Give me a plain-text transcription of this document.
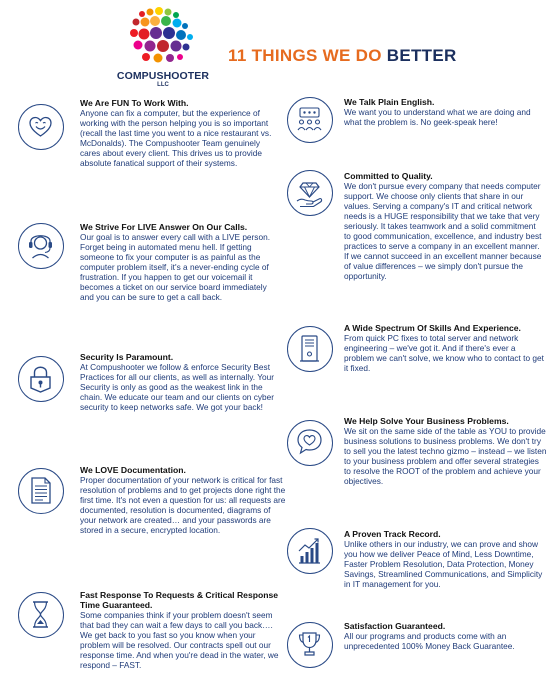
COMPUSHOOTER
LLC
11 THINGS WE DO BETTER
We Are FUN To Work With.
Anyone can fix a computer, but the experience of working with the person helping you is so important (recall the last time you went to a nice restaurant vs. McDonalds). The Compushooter Team genuinely cares about every client. This drives us to provide absolute fanatical support of their systems.
We Strive For LIVE Answer On Our Calls.
Our goal is to answer every call with a LIVE person. Forget being in automated menu hell. If getting someone to fix your computer is as painful as the computer problem itself, it's a never-ending cycle of frustration. If you happen to get our voicemail it becomes a ticket on our service board immediately and you can be sure to get a call back.
Security Is Paramount.
At Compushooter we follow & enforce Security Best Practices for all our clients, as well as internally. Your Security is only as good as the weakest link in the chain. We educate our team and our clients on cyber security to keep networks safe. We got your back!
We LOVE Documentation.
Proper documentation of your network is critical for fast resolution of problems and to get projects done right the first time. It's not even a question for us: all requests are documented, resolution is documented, diagrams of your network are created… and your passwords are stored in a secure, encrypted location.
Fast Response To Requests & Critical Response Time Guaranteed.
Some companies think if your problem doesn't seem that bad they can wait a few days to call you back…. We get back to you fast so you know when your problem will be resolved. Our contracts spell out our response time. And when you're dead in the water, we respond – FAST.
We Talk Plain English.
We want you to understand what we are doing and what the problem is. No geek-speak here!
Committed to Quality.
We don't pursue every company that needs computer support. We choose only clients that share in our values. Serving a company's IT and critical network needs is a HUGE responsibility that we take that very seriously. It takes teamwork and a solid commitment to good communication, excellence, and industry best practices to serve a company in an excellent manner. If we cannot succeed in an excellent manner because of value differences – we simply don't pursue the opportunity.
A Wide Spectrum Of Skills And Experience.
From quick PC fixes to total server and network engineering – we've got it. And if there's ever a problem we can't solve, we know who to contact to get it fixed.
We Help Solve Your Business Problems.
We sit on the same side of the table as YOU to provide business solutions to business problems. We don't try to sell you the latest techno gizmo – instead – we listen to your business problem and offer several strategies to resolve the ROOT of the problem and achieve your objectives.
A Proven Track Record.
Unlike others in our industry, we can prove and show you how we deliver Peace of Mind, Less Downtime, Faster Problem Resolution, Data Protection, Money Savings, Streamlined Communications, and Simplicity in IT management for you.
Satisfaction Guaranteed.
All our programs and products come with an unprecedented 100% Money Back Guarantee.
